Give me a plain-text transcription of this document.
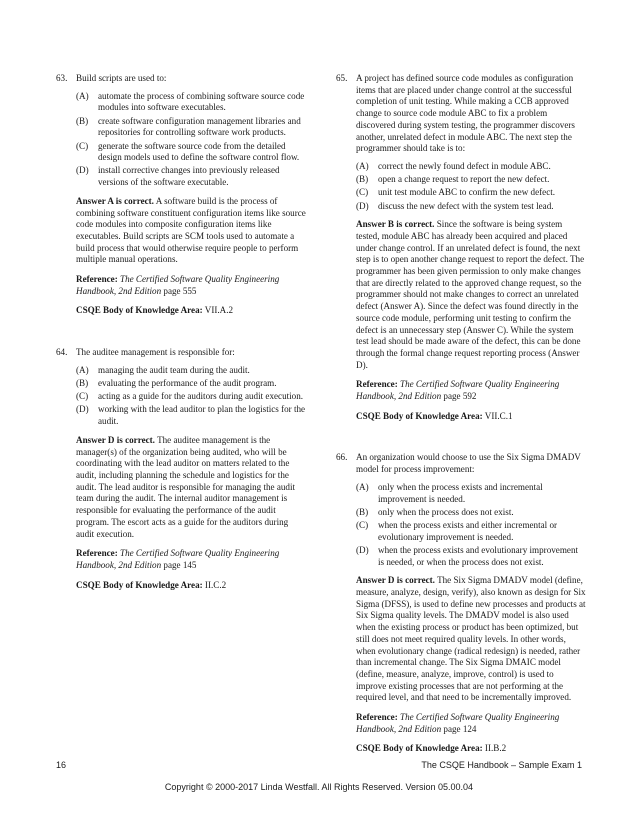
63. Build scripts are used to:

(A) automate the process of combining software source code modules into software executables.
(B) create software configuration management libraries and repositories for controlling software work products.
(C) generate the software source code from the detailed design models used to define the software control flow.
(D) install corrective changes into previously released versions of the software executable.

Answer A is correct. A software build is the process of combining software constituent configuration items like source code modules into composite configuration items like executables. Build scripts are SCM tools used to automate a build process that would otherwise require people to perform multiple manual operations.

Reference: The Certified Software Quality Engineering Handbook, 2nd Edition page 555

CSQE Body of Knowledge Area: VII.A.2

64. The auditee management is responsible for:

(A) managing the audit team during the audit.
(B) evaluating the performance of the audit program.
(C) acting as a guide for the auditors during audit execution.
(D) working with the lead auditor to plan the logistics for the audit.

Answer D is correct. The auditee management is the manager(s) of the organization being audited, who will be coordinating with the lead auditor on matters related to the audit, including planning the schedule and logistics for the audit. The lead auditor is responsible for managing the audit team during the audit. The internal auditor management is responsible for evaluating the performance of the audit program. The escort acts as a guide for the auditors during audit execution.

Reference: The Certified Software Quality Engineering Handbook, 2nd Edition page 145

CSQE Body of Knowledge Area: II.C.2

65. A project has defined source code modules as configuration items that are placed under change control at the successful completion of unit testing. While making a CCB approved change to source code module ABC to fix a problem discovered during system testing, the programmer discovers another, unrelated defect in module ABC. The next step the programmer should take is to:

(A) correct the newly found defect in module ABC.
(B) open a change request to report the new defect.
(C) unit test module ABC to confirm the new defect.
(D) discuss the new defect with the system test lead.

Answer B is correct. Since the software is being system tested, module ABC has already been acquired and placed under change control. If an unrelated defect is found, the next step is to open another change request to report the defect. The programmer has been given permission to only make changes that are directly related to the approved change request, so the programmer should not make changes to correct an unrelated defect (Answer A). Since the defect was found directly in the source code module, performing unit testing to confirm the defect is an unnecessary step (Answer C). While the system test lead should be made aware of the defect, this can be done through the formal change request reporting process (Answer D).

Reference: The Certified Software Quality Engineering Handbook, 2nd Edition page 592

CSQE Body of Knowledge Area: VII.C.1

66. An organization would choose to use the Six Sigma DMADV model for process improvement:

(A) only when the process exists and incremental improvement is needed.
(B) only when the process does not exist.
(C) when the process exists and either incremental or evolutionary improvement is needed.
(D) when the process exists and evolutionary improvement is needed, or when the process does not exist.

Answer D is correct. The Six Sigma DMADV model (define, measure, analyze, design, verify), also known as design for Six Sigma (DFSS), is used to define new processes and products at Six Sigma quality levels. The DMADV model is also used when the existing process or product has been optimized, but still does not meet required quality levels. In other words, when evolutionary change (radical redesign) is needed, rather than incremental change. The Six Sigma DMAIC model (define, measure, analyze, improve, control) is used to improve existing processes that are not performing at the required level, and that need to be incrementally improved.

Reference: The Certified Software Quality Engineering Handbook, 2nd Edition page 124

CSQE Body of Knowledge Area: II.B.2

16	The CSQE Handbook – Sample Exam 1
Copyright © 2000-2017 Linda Westfall. All Rights Reserved. Version 05.00.04
